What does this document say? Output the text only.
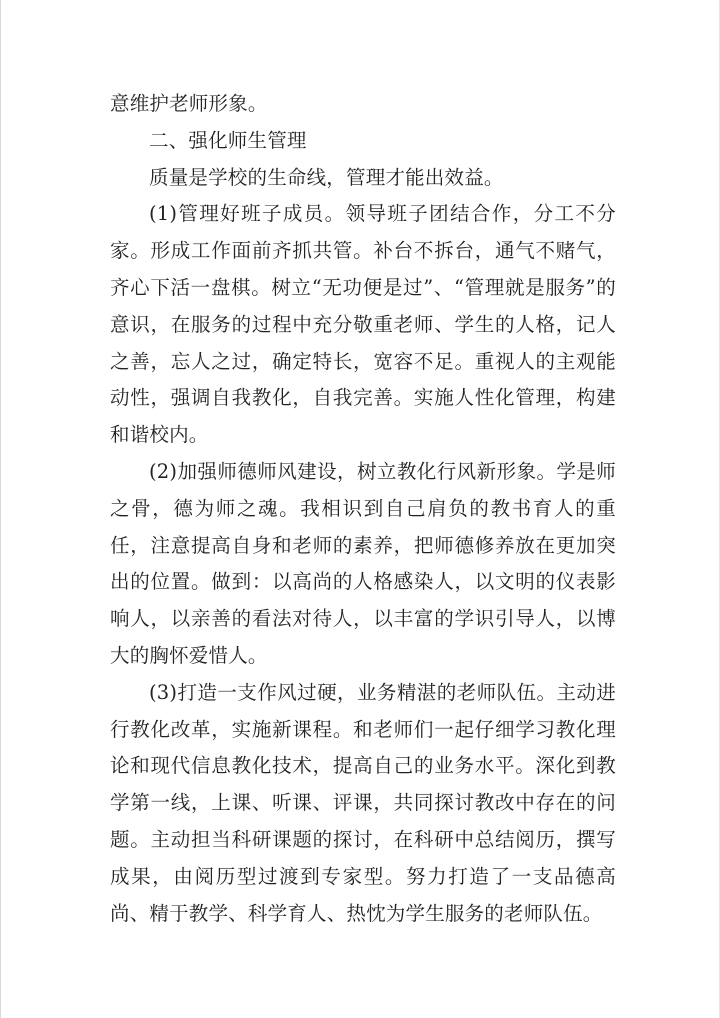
意维护老师形象。

二、强化师生管理

质量是学校的生命线，管理才能出效益。

(1)管理好班子成员。领导班子团结合作，分工不分家。形成工作面前齐抓共管。补台不拆台，通气不赌气，齐心下活一盘棋。树立“无功便是过”、“管理就是服务”的意识，在服务的过程中充分敬重老师、学生的人格，记人之善，忘人之过，确定特长，宽容不足。重视人的主观能动性，强调自我教化，自我完善。实施人性化管理，构建和谐校内。

(2)加强师德师风建设，树立教化行风新形象。学是师之骨，德为师之魂。我相识到自己肩负的教书育人的重任，注意提高自身和老师的素养，把师德修养放在更加突出的位置。做到：以高尚的人格感染人，以文明的仪表影响人，以亲善的看法对待人，以丰富的学识引导人，以博大的胸怀爱惜人。

(3)打造一支作风过硬，业务精湛的老师队伍。主动进行教化改革，实施新课程。和老师们一起仔细学习教化理论和现代信息教化技术，提高自己的业务水平。深化到教学第一线，上课、听课、评课，共同探讨教改中存在的问题。主动担当科研课题的探讨，在科研中总结阅历，撰写成果，由阅历型过渡到专家型。努力打造了一支品德高尚、精于教学、科学育人、热忱为学生服务的老师队伍。
